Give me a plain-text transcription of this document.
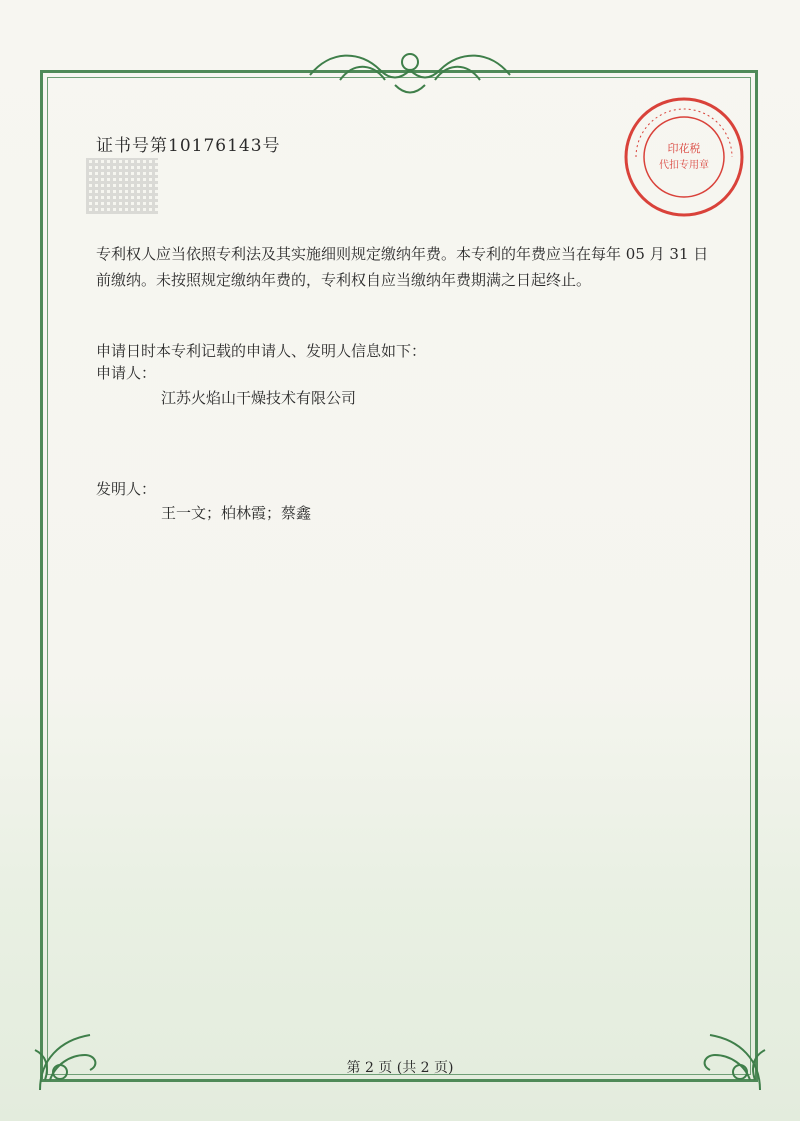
印花税
代扣专用章
证书号第10176143号
专利权人应当依照专利法及其实施细则规定缴纳年费。本专利的年费应当在每年 05 月 31 日
前缴纳。未按照规定缴纳年费的，专利权自应当缴纳年费期满之日起终止。
申请日时本专利记载的申请人、发明人信息如下：
申请人：
江苏火焰山干燥技术有限公司
发明人：
王一文；柏林霞；蔡鑫
第 2 页 (共 2 页)
